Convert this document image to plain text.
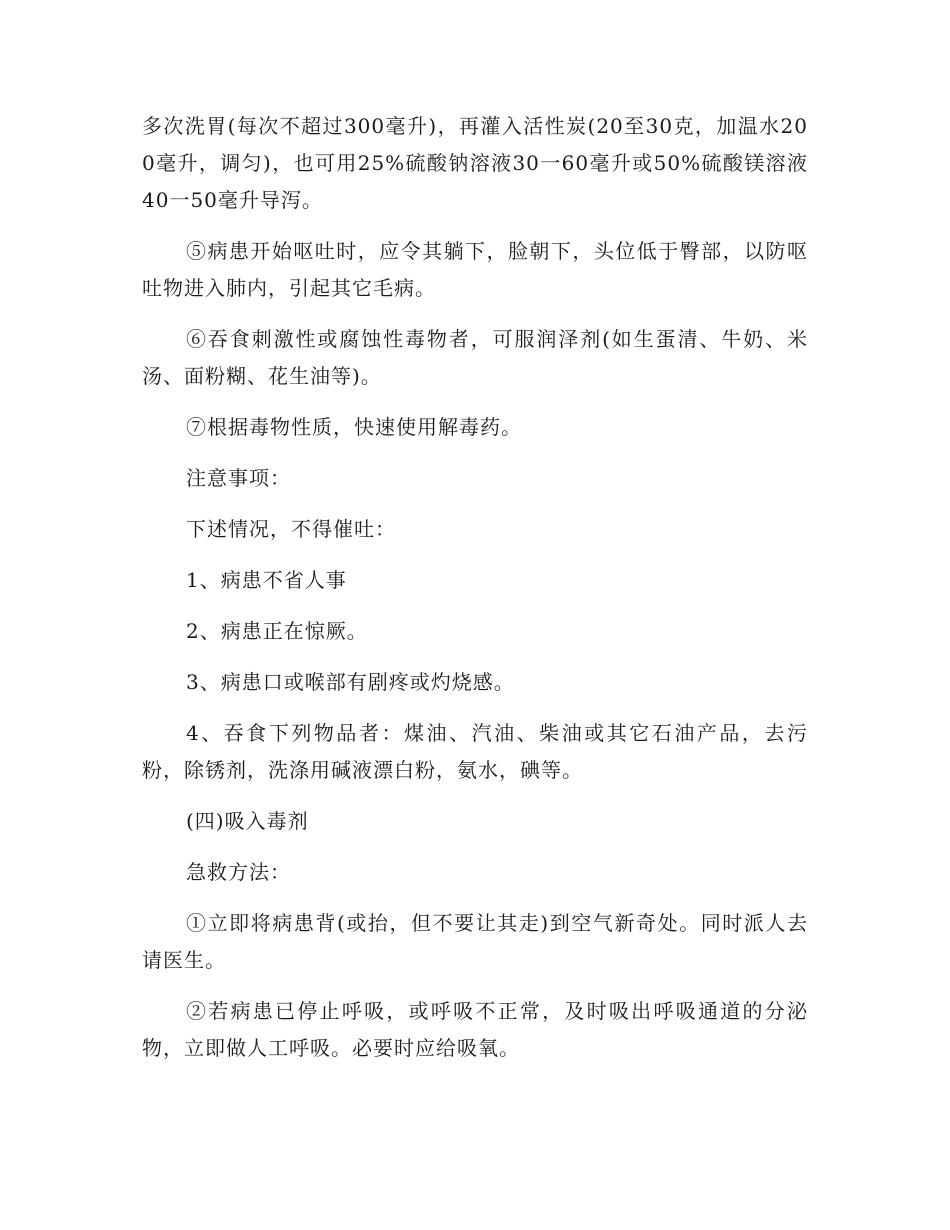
多次洗胃(每次不超过300毫升)，再灌入活性炭(20至30克，加温水200毫升，调匀)，也可用25%硫酸钠溶液30一60毫升或50%硫酸镁溶液40一50毫升导泻。

⑤病患开始呕吐时，应令其躺下，脸朝下，头位低于臀部，以防呕吐物进入肺内，引起其它毛病。

⑥吞食刺激性或腐蚀性毒物者，可服润泽剂(如生蛋清、牛奶、米汤、面粉糊、花生油等)。

⑦根据毒物性质，快速使用解毒药。

注意事项：

下述情况，不得催吐：

1、病患不省人事

2、病患正在惊厥。

3、病患口或喉部有剧疼或灼烧感。

4、吞食下列物品者：煤油、汽油、柴油或其它石油产品，去污粉，除锈剂，洗涤用碱液漂白粉，氨水，碘等。

(四)吸入毒剂

急救方法：

①立即将病患背(或抬，但不要让其走)到空气新奇处。同时派人去请医生。

②若病患已停止呼吸，或呼吸不正常，及时吸出呼吸通道的分泌物，立即做人工呼吸。必要时应给吸氧。
